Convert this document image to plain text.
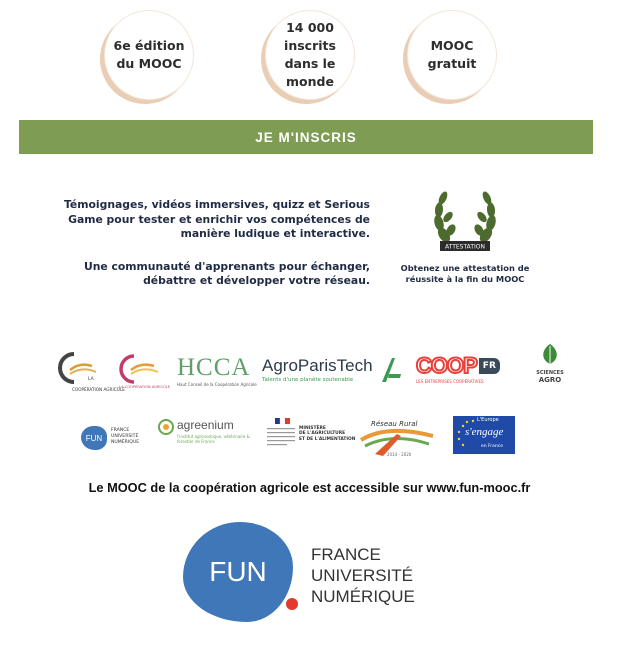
6e édition
du MOOC
14 000
inscrits
dans le
monde
MOOC
gratuit
JE M'INSCRIS

Témoignages, vidéos immersives, quizz et Serious Game pour tester et enrichir vos compétences de manière ludique et interactive.

Une communauté d'apprenants pour échanger, débattre et développer votre réseau.

ATTESTATION
Obtenez une attestation de réussite à la fin du MOOC
LA
COOPÉRATION AGRICOLE
LA COOPÉRATION AGRICOLE
HCCA
Haut Conseil de la Coopération Agricole
AgroParisTech
Talents d'une planète soutenable
COOP FR
LES ENTREPRISES COOPÉRATIVES
SCIENCES
AGRO
FUN
FRANCE
UNIVERSITÉ
NUMÉRIQUE
agreenium
l'institut agronomique, vétérinaire & forestier de France
MINISTÈRE
DE L'AGRICULTURE
ET DE L'ALIMENTATION
Réseau Rural
2014 - 2020
L'Europe
s'engage
en France
Le MOOC de la coopération agricole est accessible sur www.fun-mooc.fr
FUN
FRANCE
UNIVERSITÉ
NUMÉRIQUE
